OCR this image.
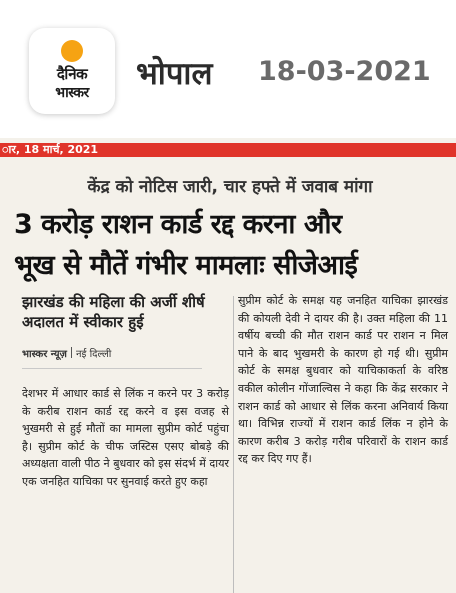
दैनिक
भास्कर
भोपाल 18-03-2021
ार, 18 मार्च, 2021
केंद्र को नोटिस जारी, चार हफ्ते में जवाब मांगा
3 करोड़ राशन कार्ड रद्द करना और
भूख से मौतें गंभीर मामलाः सीजेआई
झारखंड की महिला की अर्जी शीर्ष अदालत में स्वीकार हुई
भास्कर न्यूज़ नई दिल्ली
देशभर में आधार कार्ड से लिंक न करने पर 3 करोड़ के करीब राशन कार्ड रद्द करने व इस वजह से भुखमरी से हुई मौतों का मामला सुप्रीम कोर्ट पहुंचा है। सुप्रीम कोर्ट के चीफ जस्टिस एसए बोबड़े की अध्यक्षता वाली पीठ ने बुधवार को इस संदर्भ में दायर एक जनहित याचिका पर सुनवाई करते हुए कहा
सुप्रीम कोर्ट के समक्ष यह जनहित याचिका झारखंड की कोयली देवी ने दायर की है। उक्त महिला की 11 वर्षीय बच्ची की मौत राशन कार्ड पर राशन न मिल पाने के बाद भुखमरी के कारण हो गई थी। सुप्रीम कोर्ट के समक्ष बुधवार को याचिकाकर्ता के वरिष्ठ वकील कोलीन गोंजाल्विस ने कहा कि केंद्र सरकार ने राशन कार्ड को आधार से लिंक करना अनिवार्य किया था। विभिन्न राज्यों में राशन कार्ड लिंक न होने के कारण करीब 3 करोड़ गरीब परिवारों के राशन कार्ड रद्द कर दिए गए हैं।
